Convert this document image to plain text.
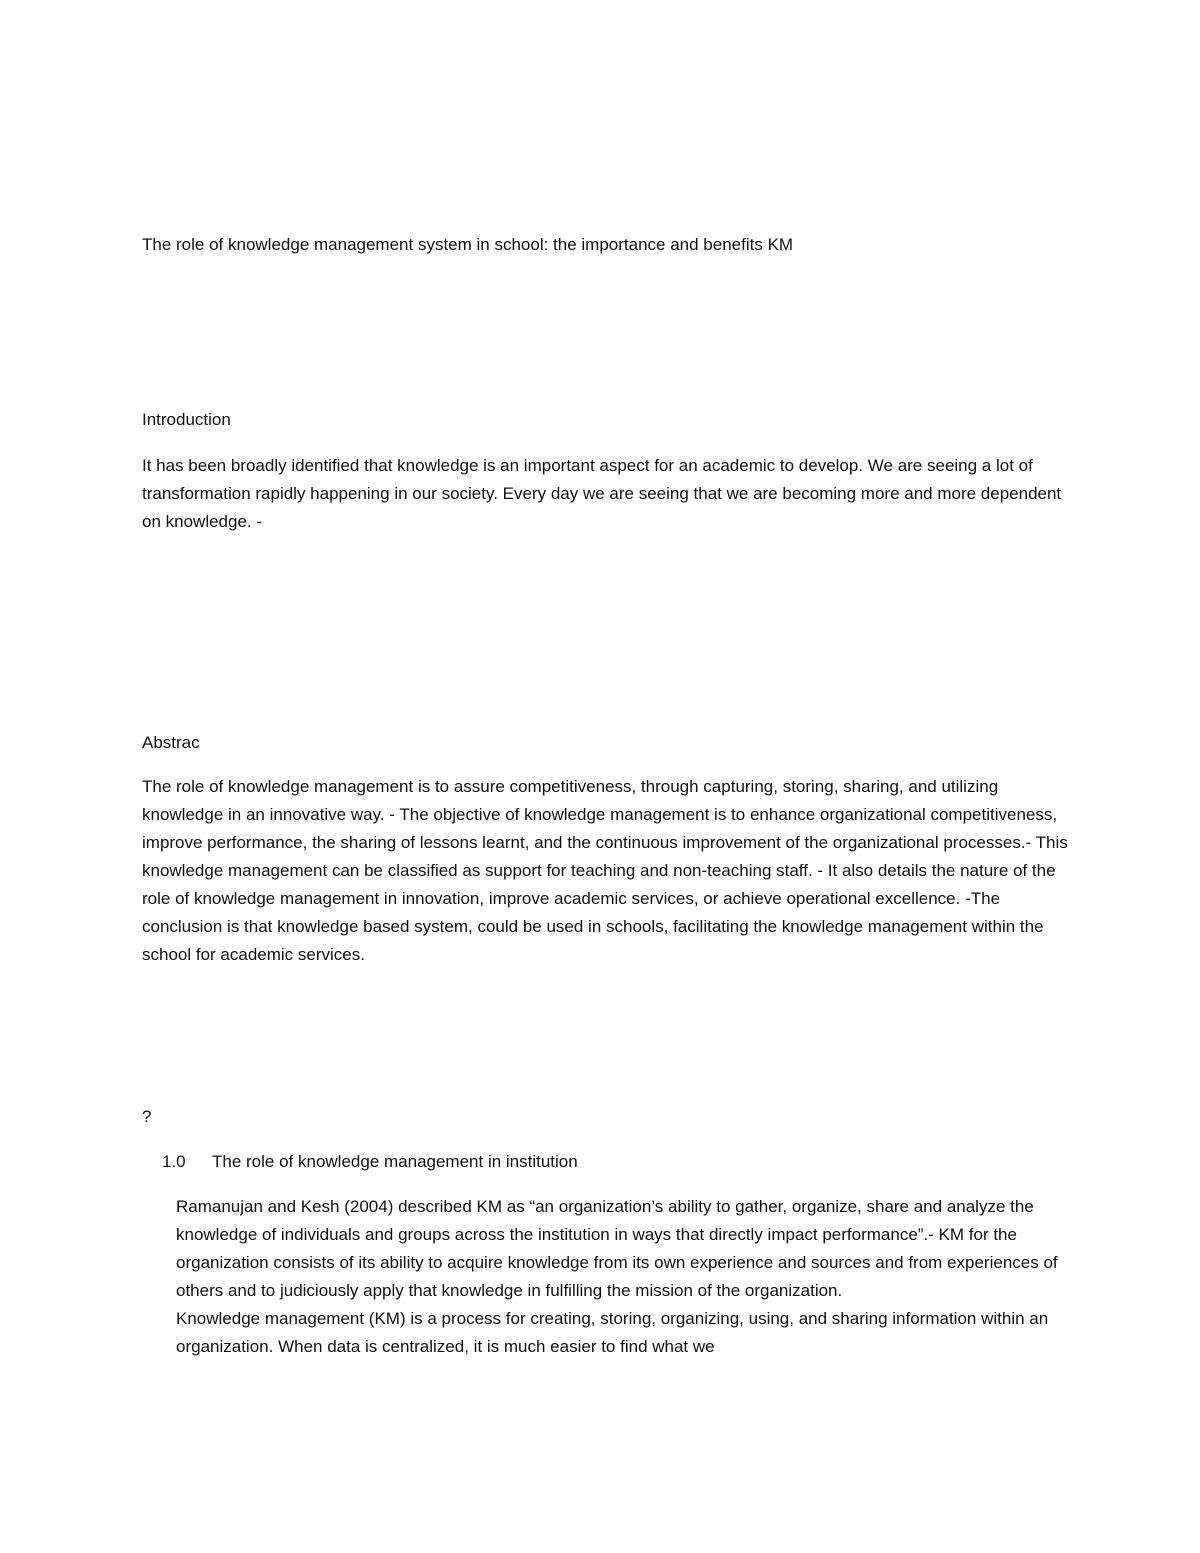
The role of knowledge management system in school: the importance and benefits KM

Introduction

It has been broadly identified that knowledge is an important aspect for an academic to develop. We are seeing a lot of transformation rapidly happening in our society. Every day we are seeing that we are becoming more and more dependent on knowledge. -

Abstrac

The role of knowledge management is to assure competitiveness, through capturing, storing, sharing, and utilizing knowledge in an innovative way. - The objective of knowledge management is to enhance organizational competitiveness, improve performance, the sharing of lessons learnt, and the continuous improvement of the organizational processes.- This knowledge management can be classified as support for teaching and non-teaching staff. - It also details the nature of the role of knowledge management in innovation, improve academic services, or achieve operational excellence. -The conclusion is that knowledge based system, could be used in schools, facilitating the knowledge management within the school for academic services.

?

1.0 The role of knowledge management in institution

Ramanujan and Kesh (2004) described KM as “an organization’s ability to gather, organize, share and analyze the knowledge of individuals and groups across the institution in ways that directly impact performance”.- KM for the organization consists of its ability to acquire knowledge from its own experience and sources and from experiences of others and to judiciously apply that knowledge in fulfilling the mission of the organization.
Knowledge management (KM) is a process for creating, storing, organizing, using, and sharing information within an organization. When data is centralized, it is much easier to find what we
